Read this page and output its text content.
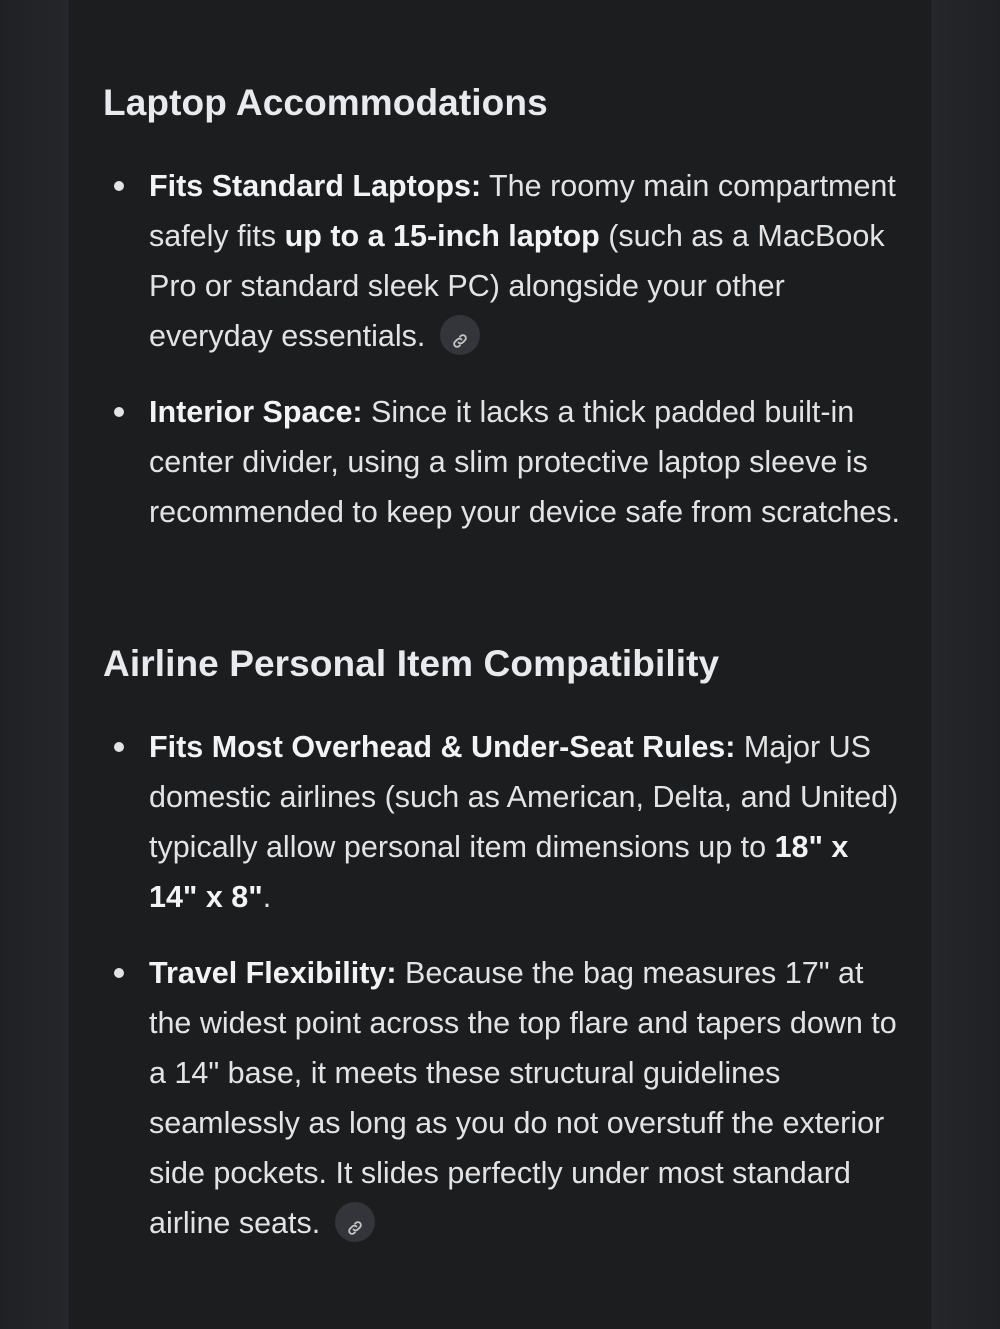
Laptop Accommodations
Fits Standard Laptops: The roomy main compartment safely fits up to a 15-inch laptop (such as a MacBook Pro or standard sleek PC) alongside your other everyday essentials.
Interior Space: Since it lacks a thick padded built-in center divider, using a slim protective laptop sleeve is recommended to keep your device safe from scratches.
Airline Personal Item Compatibility
Fits Most Overhead & Under-Seat Rules: Major US domestic airlines (such as American, Delta, and United) typically allow personal item dimensions up to 18" x 14" x 8".
Travel Flexibility: Because the bag measures 17" at the widest point across the top flare and tapers down to a 14" base, it meets these structural guidelines seamlessly as long as you do not overstuff the exterior side pockets. It slides perfectly under most standard airline seats.
